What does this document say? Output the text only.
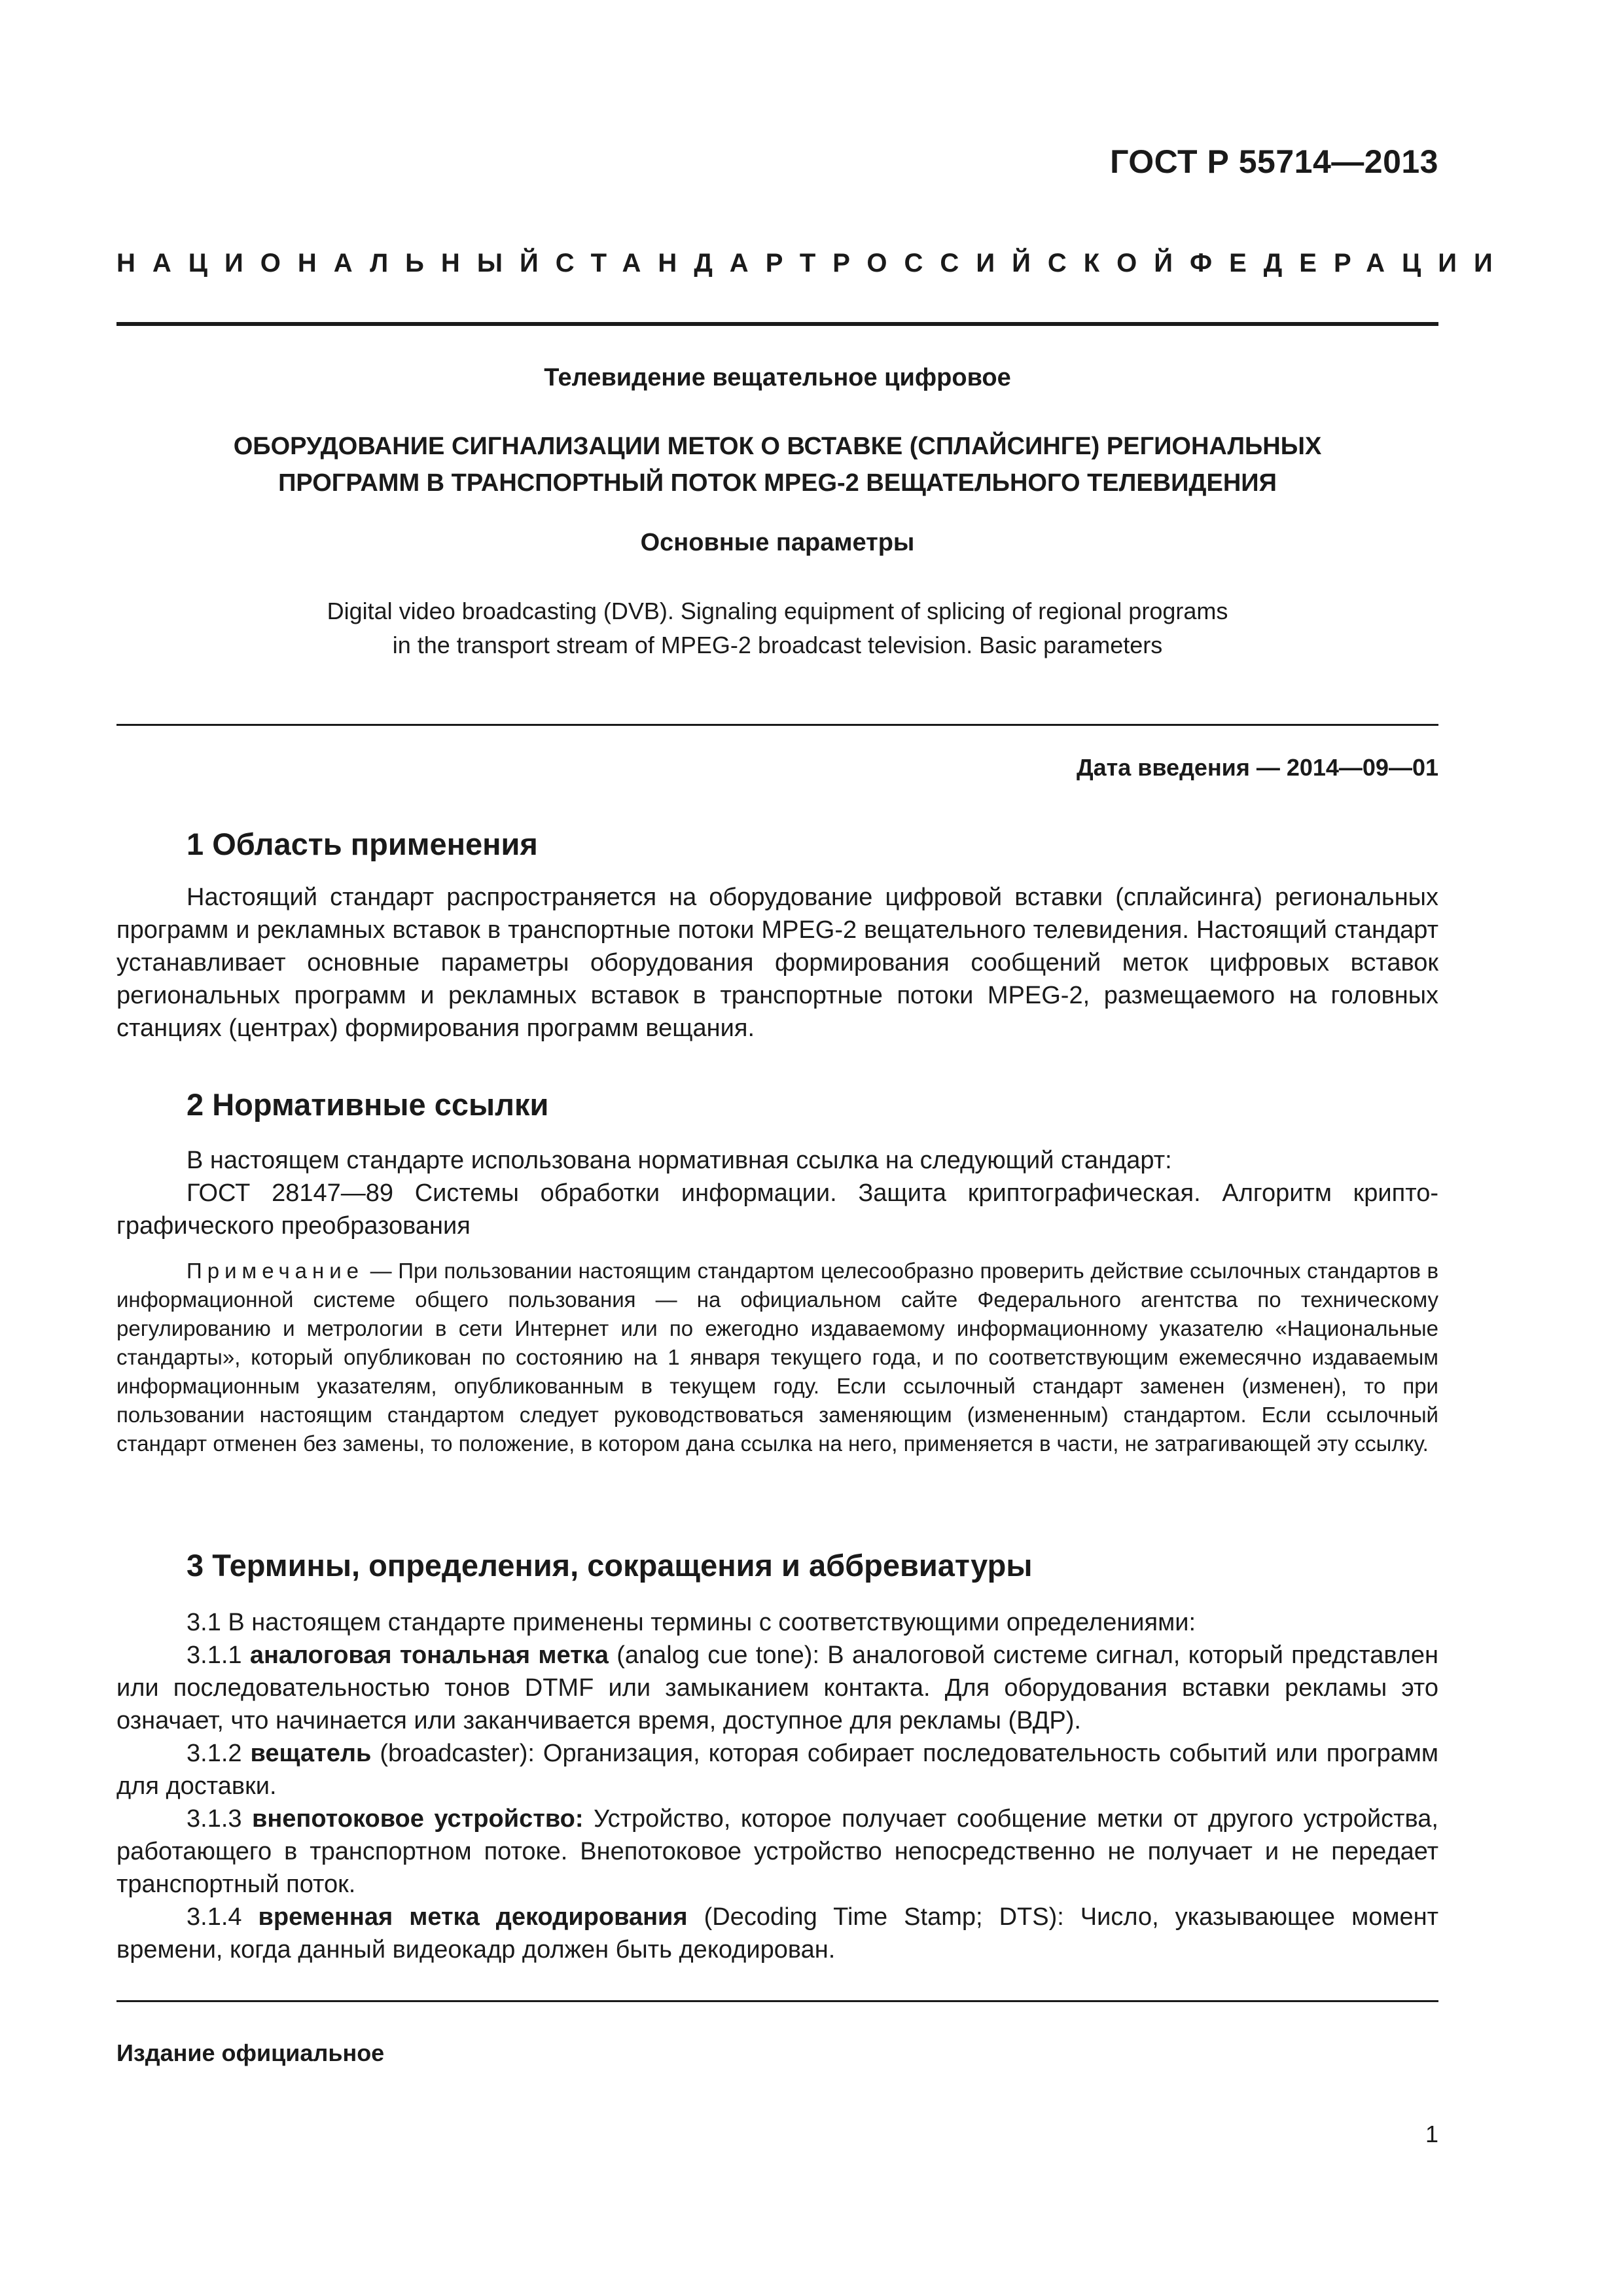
ГОСТ Р 55714—2013
НАЦИОНАЛЬНЫЙ СТАНДАРТ РОССИЙСКОЙ ФЕДЕРАЦИИ
Телевидение вещательное цифровое
ОБОРУДОВАНИЕ СИГНАЛИЗАЦИИ МЕТОК О ВСТАВКЕ (СПЛАЙСИНГЕ) РЕГИОНАЛЬНЫХ
ПРОГРАММ В ТРАНСПОРТНЫЙ ПОТОК MPEG-2 ВЕЩАТЕЛЬНОГО ТЕЛЕВИДЕНИЯ
Основные параметры
Digital video broadcasting (DVB). Signaling equipment of splicing of regional programs
in the transport stream of MPEG-2 broadcast television. Basic parameters
Дата введения — 2014—09—01
1 Область применения
Настоящий стандарт распространяется на оборудование цифровой вставки (сплайсинга) региональных программ и рекламных вставок в транспортные потоки MPEG-2 вещательного телевидения. Настоящий стандарт устанавливает основные параметры оборудования формирования сообщений меток цифровых вставок региональных программ и рекламных вставок в транспортные потоки MPEG-2, размещаемого на головных станциях (центрах) формирования программ вещания.
2 Нормативные ссылки
В настоящем стандарте использована нормативная ссылка на следующий стандарт:
ГОСТ 28147—89 Системы обработки информации. Защита криптографическая. Алгоритм криптографического преобразования
Примечание — При пользовании настоящим стандартом целесообразно проверить действие ссылочных стандартов в информационной системе общего пользования — на официальном сайте Федерального агентства по техническому регулированию и метрологии в сети Интернет или по ежегодно издаваемому информационному указателю «Национальные стандарты», который опубликован по состоянию на 1 января текущего года, и по соответствующим ежемесячно издаваемым информационным указателям, опубликованным в текущем году. Если ссылочный стандарт заменен (изменен), то при пользовании настоящим стандартом следует руководствоваться заменяющим (измененным) стандартом. Если ссылочный стандарт отменен без замены, то положение, в котором дана ссылка на него, применяется в части, не затрагивающей эту ссылку.
3 Термины, определения, сокращения и аббревиатуры
3.1 В настоящем стандарте применены термины с соответствующими определениями:
3.1.1 аналоговая тональная метка (analog cue tone): В аналоговой системе сигнал, который представлен или последовательностью тонов DTMF или замыканием контакта. Для оборудования вставки рекламы это означает, что начинается или заканчивается время, доступное для рекламы (ВДР).
3.1.2 вещатель (broadcaster): Организация, которая собирает последовательность событий или программ для доставки.
3.1.3 внепотоковое устройство: Устройство, которое получает сообщение метки от другого устройства, работающего в транспортном потоке. Внепотоковое устройство непосредственно не получает и не передает транспортный поток.
3.1.4 временная метка декодирования (Decoding Time Stamp; DTS): Число, указывающее момент времени, когда данный видеокадр должен быть декодирован.
Издание официальное
1
